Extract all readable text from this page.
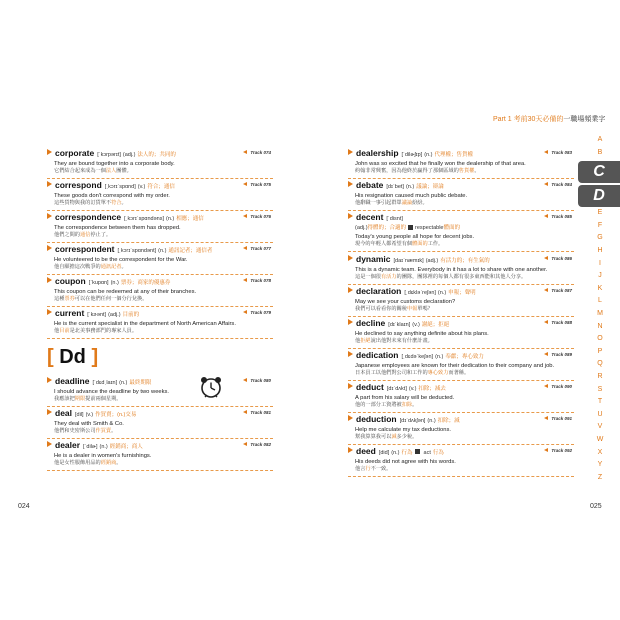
corporate [ˈkɔrpərɪt] (adj.) 法人的；共同的	Track 074
They are bound together into a corporate body.
它們結合起來成為一個法人團體。
correspond [ˌkɔrɪˈspɑnd] (v.) 符合；通信	Track 075
These goods don't correspond with my order.
這些貨物與我的訂貨單不符合。
correspondence [ˌkɔrɪˈspɑndəns] (n.) 相應；通信	Track 076
The correspondence between them has dropped.
他們之間的通信停止了。
correspondent [ˌkɔrɪˈspɑndənt] (n.) 通訊記者；通信者	Track 077
He volunteered to be the correspondent for the War.
他自願擔這次戰爭的通訊記者。
coupon [ˈkupɑn] (n.) 票券；商家的優惠券	Track 078
This coupon can be redeemed at any of their branches.
這種票券可以在他們任何一個分行兌換。
current [ˈkɝənt] (adj.) 目前的	Track 079
He is the current specialist in the department of North American Affairs.
他目前是北美事務部門的專家人員。
deadline [ˈdɛdˌlaɪn] (n.) 最終期限	Track 080
I should advance the deadline by two weeks.
我應該把期限提前兩個星期。
deal [dil] (v.) 作買賣；(n.)交易	Track 081
They deal with Smith & Co.
他們和史密斯公司作買賣。
dealer [ˈdilɚ] (n.) 經銷商；商人	Track 082
He is a dealer in women's furnishings.
他是女性服飾用品的經銷商。
[ Dd ]
024
Part 1 考前30天必備的一職場頻業字
dealership [ˈdilɚʃɪp] (n.) 代理權；售貨權	Track 083
John was so excited that he finally won the dealership of that area.
約翰非常興奮，因為他終於贏得了那個區域的售貨權。
debate [dɪˈbet] (n.) 議論；辯論	Track 084
His resignation caused much public debate.
他辭職一事引起群眾議論紛紛。
decent [ˈdisnt]	Track 085
(adj.)得體的；合適的 respectable體面的
Today's young people all hope for decent jobs.
現今的年輕人都希望有個體面的工作。
dynamic [daɪˈnæmɪk] (adj.) 有活力的；有生氣的	Track 086
This is a dynamic team. Everybody in it has a lot to share with one another.
這是一個很有活力的團隊，團隊裡的每個人都有很多東西能和其他人分享。
declaration [ˌdɛkləˈreʃən] (n.) 申報；聲明	Track 087
May we see your customs declaration?
我們可以看看你的關稅申報單嗎？
decline [dɪˈklaɪn] (v.) 謝絕；拒絕	Track 088
He declined to say anything definite about his plans.
他拒絕說出他對未來有什麼計畫。
dedication [ˌdɛdəˈkeʃən] (n.) 奉獻；專心致力	Track 089
Japanese employees are known for their dedication to their company and job.
日本員工以他們對公司和工作的專心致力而著稱。
deduct [dɪˈdʌkt] (v.) 扣除；減去	Track 090
A part from his salary will be deducted.
他的一部分工資將被扣除。
deduction [dɪˈdʌkʃən] (n.) 扣除；減	Track 091
Help me calculate my tax deductions.
幫我算算我可以減多少稅。
deed [did] (n.) 行為 act 行為	Track 092
His deeds did not agree with his words.
他言行不一致。
025
A
B
E
F
G
H
I
J
K
L
M
N
O
P
Q
R
S
T
U
V
W
X
Y
Z
C
D
